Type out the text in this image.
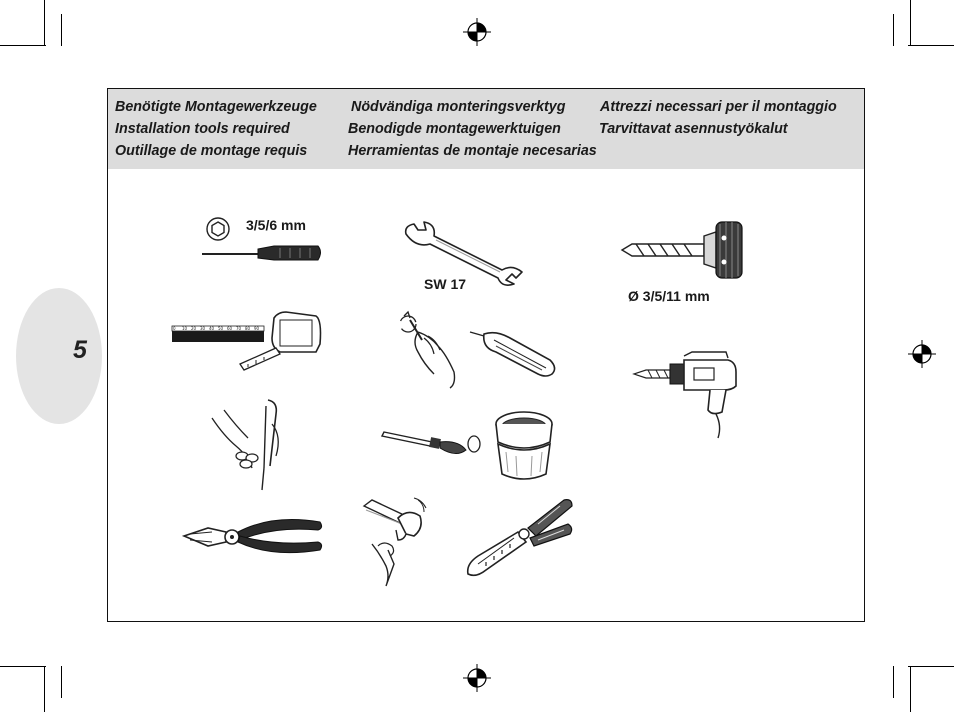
5
Benötigte Montagewerkzeuge
Installation tools required
Outillage de montage requis
Nödvändiga monteringsverktyg
Benodigde montagewerktuigen
Herramientas de montaje necesarias
Attrezzi necessari per il montaggio
Tarvittavat asennustyökalut
3/5/6 mm
SW 17
Ø 3/5/11 mm
0 10 20 30 40 50 60 70 80 90
